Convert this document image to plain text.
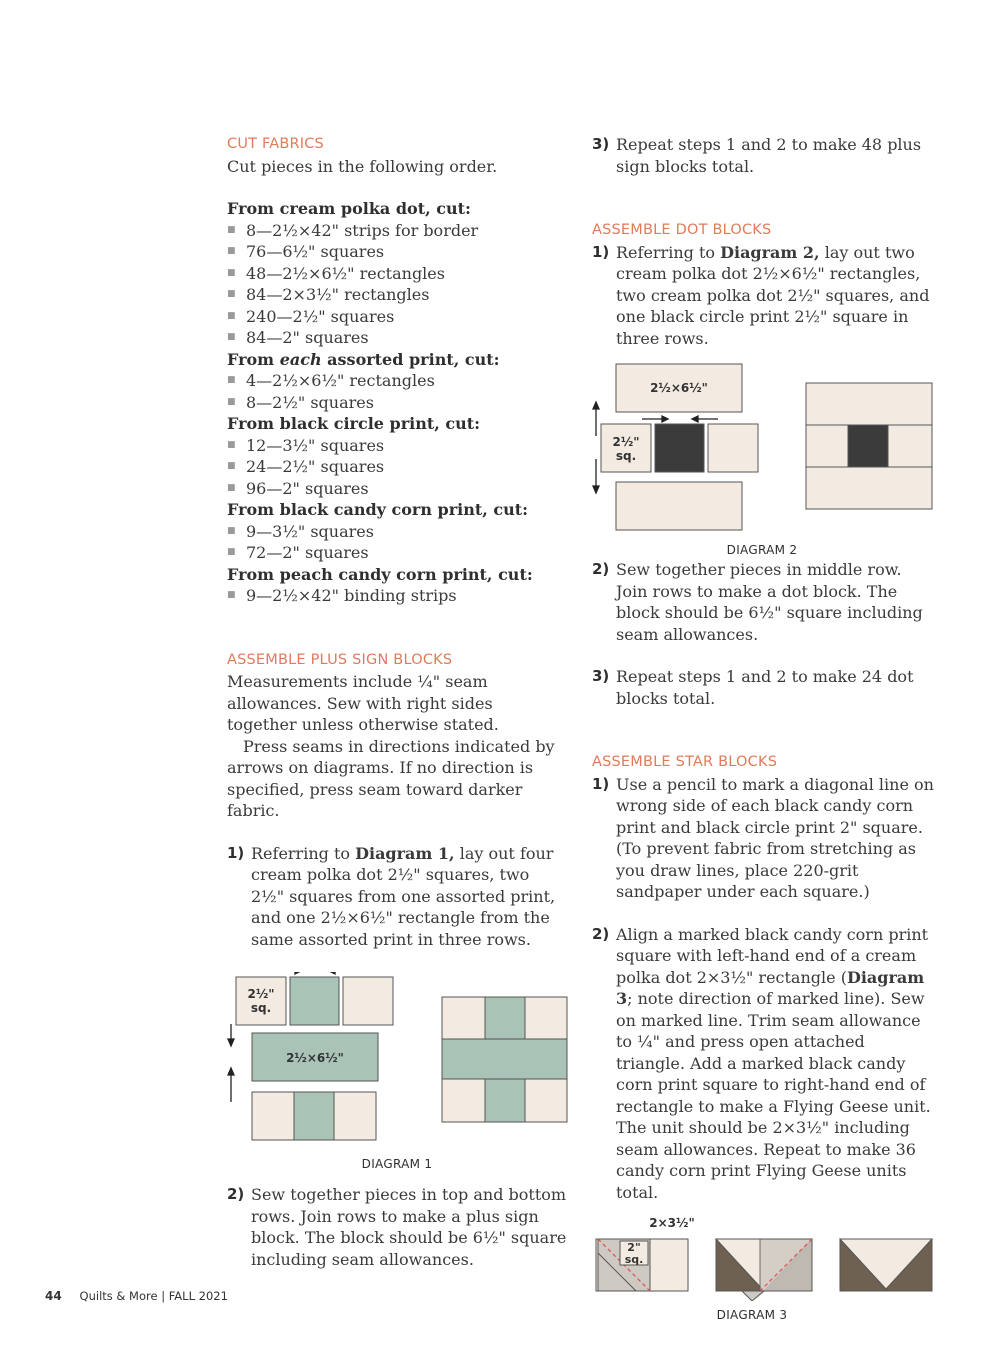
CUT FABRICS
Cut pieces in the following order.
From cream polka dot, cut:
■ 8—2½×42" strips for border
■ 76—6½" squares
■ 48—2½×6½" rectangles
■ 84—2×3½" rectangles
■ 240—2½" squares
■ 84—2" squares
From each assorted print, cut:
■ 4—2½×6½" rectangles
■ 8—2½" squares
From black circle print, cut:
■ 12—3½" squares
■ 24—2½" squares
■ 96—2" squares
From black candy corn print, cut:
■ 9—3½" squares
■ 72—2" squares
From peach candy corn print, cut:
■ 9—2½×42" binding strips
ASSEMBLE PLUS SIGN BLOCKS
Measurements include ¼" seam allowances. Sew with right sides together unless otherwise stated.
Press seams in directions indicated by arrows on diagrams. If no direction is specified, press seam toward darker fabric.
1) Referring to Diagram 1, lay out four cream polka dot 2½" squares, two 2½" squares from one assorted print, and one 2½×6½" rectangle from the same assorted print in three rows.
2½"
sq.
2½×6½"
DIAGRAM 1
2) Sew together pieces in top and bottom rows. Join rows to make a plus sign block. The block should be 6½" square including seam allowances.
3) Repeat steps 1 and 2 to make 48 plus sign blocks total.
ASSEMBLE DOT BLOCKS
1) Referring to Diagram 2, lay out two cream polka dot 2½×6½" rectangles, two cream polka dot 2½" squares, and one black circle print 2½" square in three rows.
2½×6½"
2½"
sq.
DIAGRAM 2
2) Sew together pieces in middle row. Join rows to make a dot block. The block should be 6½" square including seam allowances.
3) Repeat steps 1 and 2 to make 24 dot blocks total.
ASSEMBLE STAR BLOCKS
1) Use a pencil to mark a diagonal line on wrong side of each black candy corn print and black circle print 2" square. (To prevent fabric from stretching as you draw lines, place 220-grit sandpaper under each square.)
2) Align a marked black candy corn print square with left-hand end of a cream polka dot 2×3½" rectangle (Diagram 3; note direction of marked line). Sew on marked line. Trim seam allowance to ¼" and press open attached triangle. Add a marked black candy corn print square to right-hand end of rectangle to make a Flying Geese unit. The unit should be 2×3½" including seam allowances. Repeat to make 36 candy corn print Flying Geese units total.
2×3½"
2"
sq.
DIAGRAM 3
44 Quilts & More | FALL 2021
